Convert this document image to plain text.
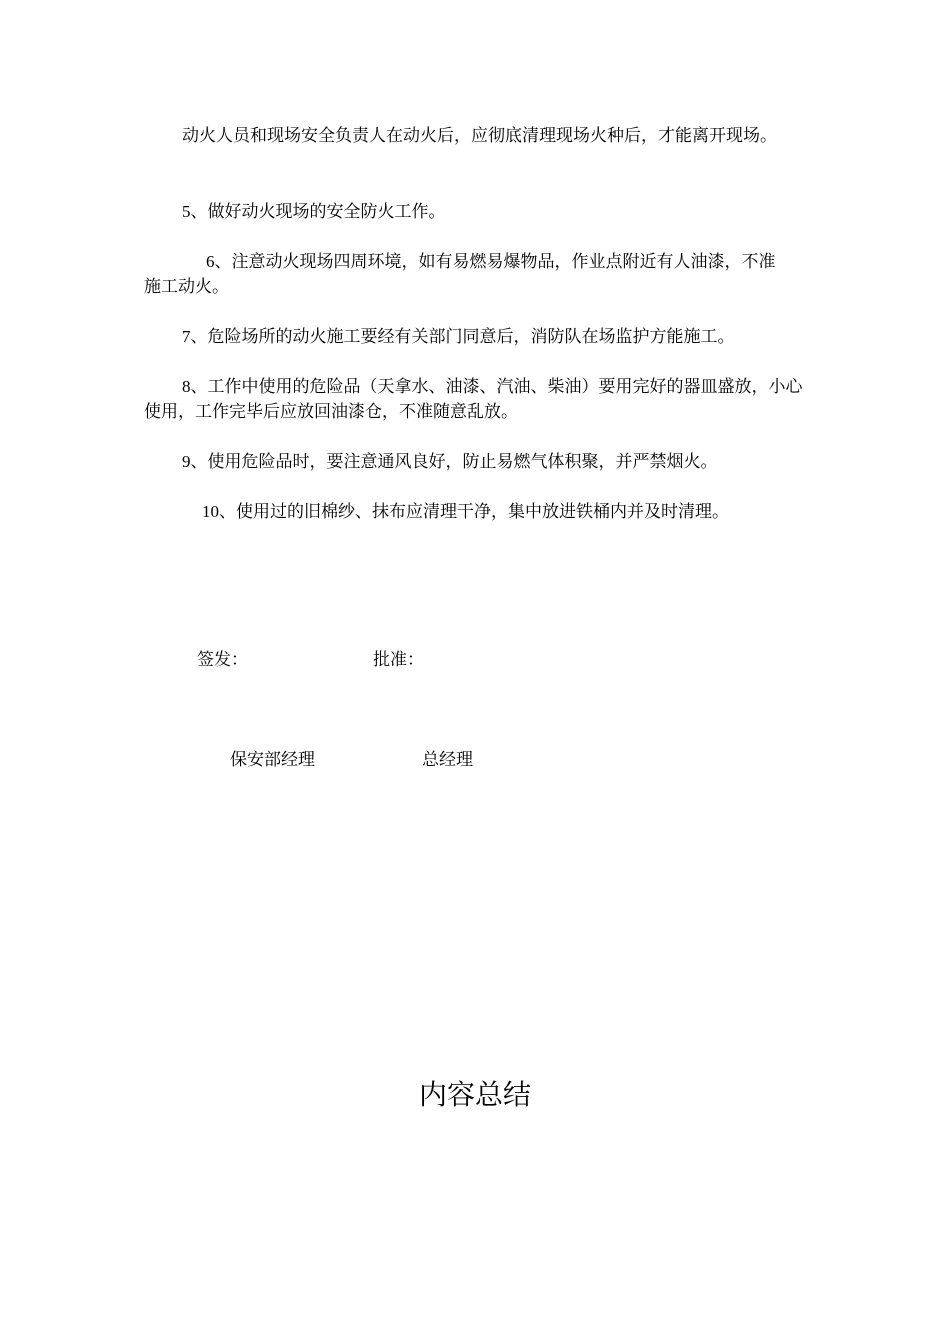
动火人员和现场安全负责人在动火后，应彻底清理现场火种后，才能离开现场。

5、做好动火现场的安全防火工作。

6、注意动火现场四周环境，如有易燃易爆物品，作业点附近有人油漆，不准施工动火。

7、危险场所的动火施工要经有关部门同意后，消防队在场监护方能施工。

8、工作中使用的危险品（天拿水、油漆、汽油、柴油）要用完好的器皿盛放，小心使用，工作完毕后应放回油漆仓，不准随意乱放。

9、使用危险品时，要注意通风良好，防止易燃气体积聚，并严禁烟火。

10、使用过的旧棉纱、抹布应清理干净，集中放进铁桶内并及时清理。

签发：	批准：

保安部经理	总经理

内容总结
